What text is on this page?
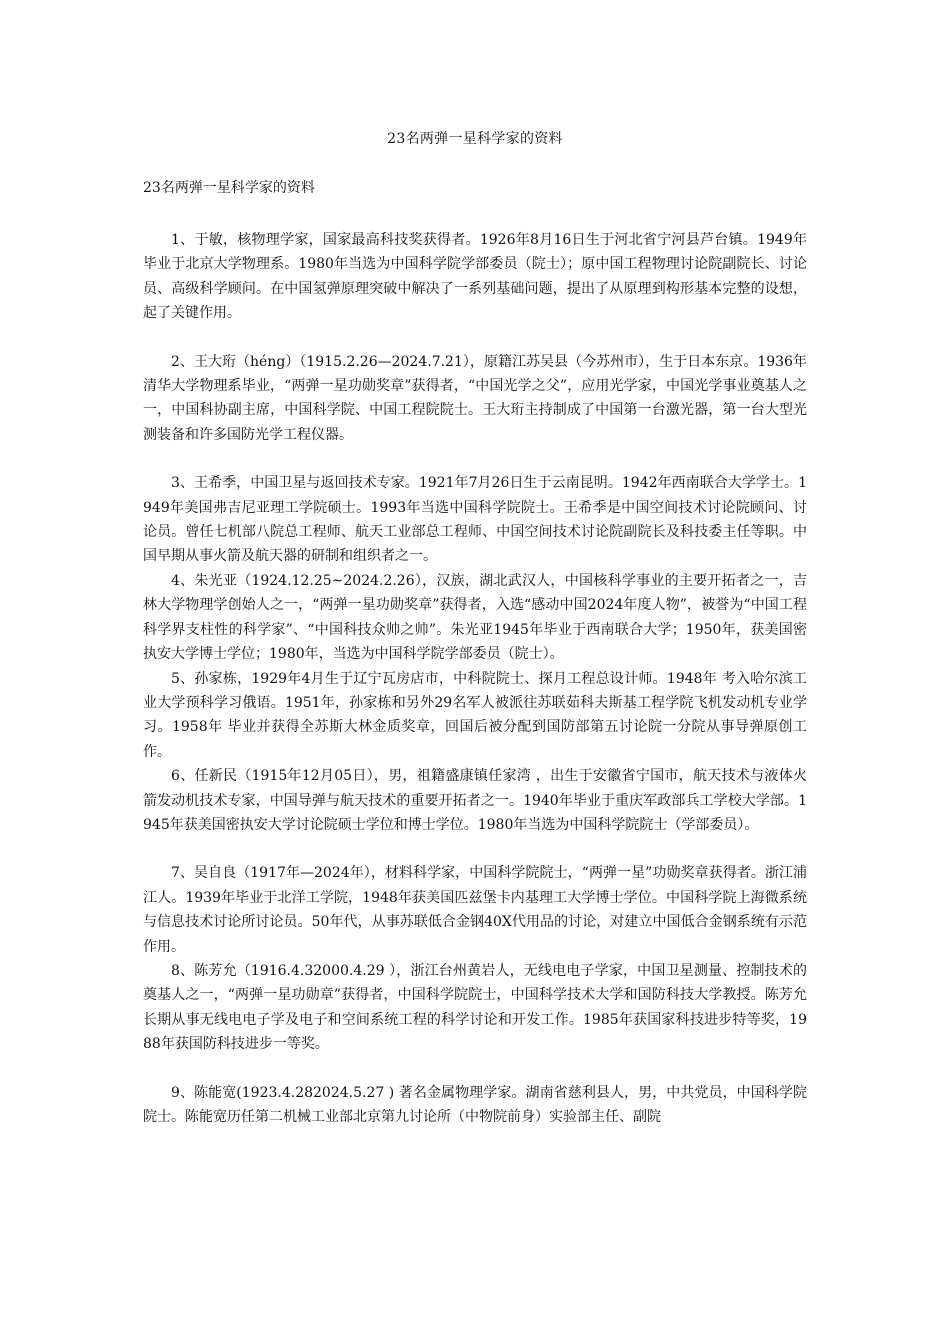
23名两弹一星科学家的资料
23名两弹一星科学家的资料

1、于敏，核物理学家，国家最高科技奖获得者。1926年8月16日生于河北省宁河县芦台镇。1949年毕业于北京大学物理系。1980年当选为中国科学院学部委员（院士）；原中国工程物理讨论院副院长、讨论员、高级科学顾问。在中国氢弹原理突破中解决了一系列基础问题，提出了从原理到构形基本完整的设想，起了关键作用。

2、王大珩（héng）（1915.2.26—2024.7.21），原籍江苏吴县（今苏州市），生于日本东京。1936年清华大学物理系毕业，“两弹一星功勋奖章”获得者，“中国光学之父”，应用光学家，中国光学事业奠基人之一，中国科协副主席，中国科学院、中国工程院院士。王大珩主持制成了中国第一台激光器，第一台大型光测装备和许多国防光学工程仪器。

3、王希季，中国卫星与返回技术专家。1921年7月26日生于云南昆明。1942年西南联合大学学士。1949年美国弗吉尼亚理工学院硕士。1993年当选中国科学院院士。王希季是中国空间技术讨论院顾问、讨论员。曾任七机部八院总工程师、航天工业部总工程师、中国空间技术讨论院副院长及科技委主任等职。中国早期从事火箭及航天器的研制和组织者之一。

4、朱光亚（1924.12.25~2024.2.26），汉族，湖北武汉人，中国核科学事业的主要开拓者之一，吉林大学物理学创始人之一，“两弹一星功勋奖章”获得者，入选“感动中国2024年度人物”，被誉为“中国工程科学界支柱性的科学家”、“中国科技众帅之帅”。朱光亚1945年毕业于西南联合大学；1950年，获美国密执安大学博士学位；1980年，当选为中国科学院学部委员（院士）。

5、孙家栋，1929年4月生于辽宁瓦房店市，中科院院士、探月工程总设计师。1948年 考入哈尔滨工业大学预科学习俄语。1951年，孙家栋和另外29名军人被派往苏联茹科夫斯基工程学院飞机发动机专业学习。1958年 毕业并获得全苏斯大林金质奖章，回国后被分配到国防部第五讨论院一分院从事导弹原创工作。

6、任新民（1915年12月05日），男，祖籍盛康镇任家湾 ，出生于安徽省宁国市，航天技术与液体火箭发动机技术专家，中国导弹与航天技术的重要开拓者之一。1940年毕业于重庆军政部兵工学校大学部。1945年获美国密执安大学讨论院硕士学位和博士学位。1980年当选为中国科学院院士（学部委员）。

7、吴自良（1917年—2024年），材料科学家，中国科学院院士，“两弹一星”功勋奖章获得者。浙江浦江人。1939年毕业于北洋工学院，1948年获美国匹兹堡卡内基理工大学博士学位。中国科学院上海微系统与信息技术讨论所讨论员。50年代，从事苏联低合金钢40X代用品的讨论，对建立中国低合金钢系统有示范作用。

8、陈芳允（1916.4.32000.4.29 ），浙江台州黄岩人，无线电电子学家，中国卫星测量、控制技术的奠基人之一，“两弹一星功勋章”获得者，中国科学院院士，中国科学技术大学和国防科技大学教授。陈芳允长期从事无线电电子学及电子和空间系统工程的科学讨论和开发工作。1985年获国家科技进步特等奖，1988年获国防科技进步一等奖。

9、陈能宽(1923.4.282024.5.27 ) 著名金属物理学家。湖南省慈利县人，男，中共党员，中国科学院院士。陈能宽历任第二机械工业部北京第九讨论所（中物院前身）实验部主任、副院
